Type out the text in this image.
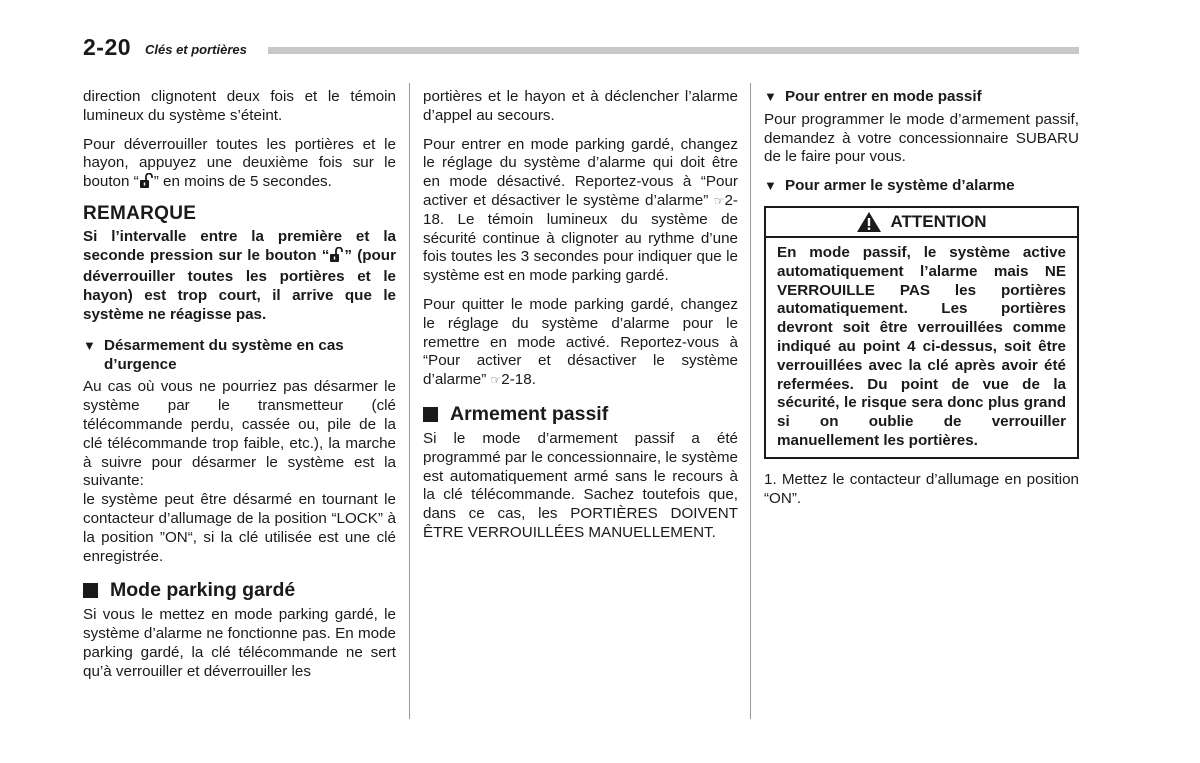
2-20 Clés et portières

direction clignotent deux fois et le témoin lumineux du système s’éteint.

Pour déverrouiller toutes les portières et le hayon, appuyez une deuxième fois sur le bouton “ ” en moins de 5 secondes.

REMARQUE

Si l’intervalle entre la première et la seconde pression sur le bouton “ ” (pour déverrouiller toutes les portières et le hayon) est trop court, il arrive que le système ne réagisse pas.

▼ Désarmement du système en cas d’urgence

Au cas où vous ne pourriez pas désarmer le système par le transmetteur (clé télécommande perdu, cassée ou, pile de la clé télécommande trop faible, etc.), la marche à suivre pour désarmer le système est la suivante:

le système peut être désarmé en tournant le contacteur d’allumage de la position “LOCK” à la position ”ON“, si la clé utilisée est une clé enregistrée.

Mode parking gardé

Si vous le mettez en mode parking gardé, le système d’alarme ne fonctionne pas. En mode parking gardé, la clé télécommande ne sert qu’à verrouiller et déverrouiller les

portières et le hayon et à déclencher l’alarme d’appel au secours.

Pour entrer en mode parking gardé, changez le réglage du système d’alarme qui doit être en mode désactivé. Reportez-vous à “Pour activer et désactiver le système d’alarme” ☞2-18. Le témoin lumineux du système de sécurité continue à clignoter au rythme d’une fois toutes les 3 secondes pour indiquer que le système est en mode parking gardé.

Pour quitter le mode parking gardé, changez le réglage du système d’alarme pour le remettre en mode activé. Reportez-vous à “Pour activer et désactiver le système d’alarme” ☞2-18.

Armement passif

Si le mode d’armement passif a été programmé par le concessionnaire, le système est automatiquement armé sans le recours à la clé télécommande. Sachez toutefois que, dans ce cas, les PORTIÈRES DOIVENT ÊTRE VERROUILLÉES MANUELLEMENT.

▼ Pour entrer en mode passif

Pour programmer le mode d’armement passif, demandez à votre concessionnaire SUBARU de le faire pour vous.

▼ Pour armer le système d’alarme
ATTENTION
En mode passif, le système active automatiquement l’alarme mais NE VERROUILLE PAS les portières automatiquement. Les portières devront soit être verrouillées comme indiqué au point 4 ci-dessus, soit être verrouillées avec la clé après avoir été refermées. Du point de vue de la sécurité, le risque sera donc plus grand si on oublie de verrouiller manuellement les portières.

1. Mettez le contacteur d’allumage en position “ON”.
